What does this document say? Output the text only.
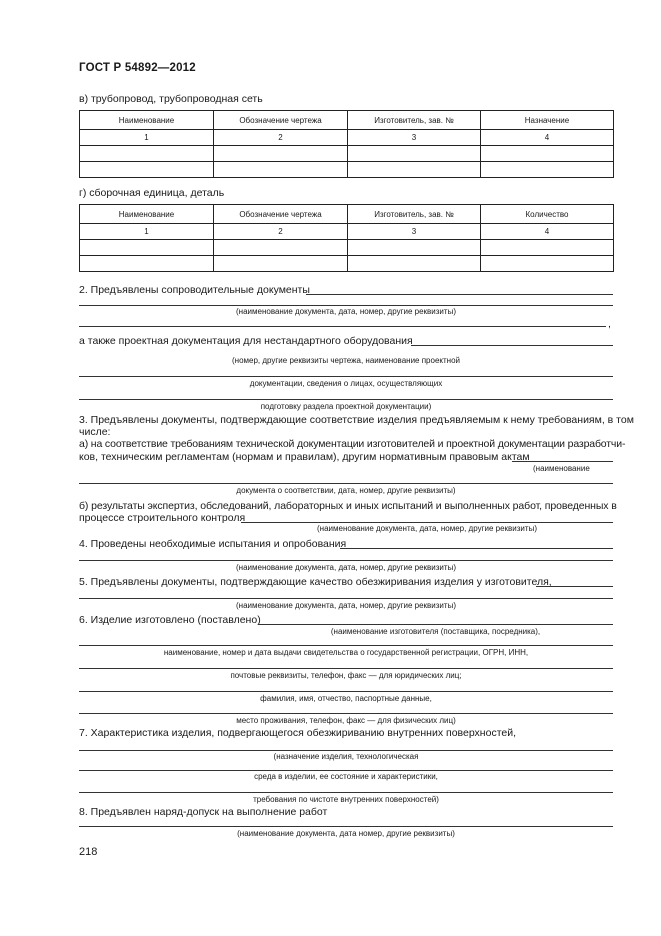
ГОСТ Р 54892—2012
в) трубопровод, трубопроводная сеть
Наименование	Обозначение чертежа	Изготовитель, зав. №	Назначение
1	2	3	4

г) сборочная единица, деталь
Наименование	Обозначение чертежа	Изготовитель, зав. №	Количество
1	2	3	4

2. Предъявлены сопроводительные документы
(наименование документа, дата, номер, другие реквизиты)
,
а также проектная документация для нестандартного оборудования
(номер, другие реквизиты чертежа, наименование проектной
документации, сведения о лицах, осуществляющих
подготовку раздела проектной документации)
3. Предъявлены документы, подтверждающие соответствие изделия предъявляемым к нему требованиям, в том
числе:
а) на соответствие требованиям технической документации изготовителей и проектной документации разработчи-
ков, техническим регламентам (нормам и правилам), другим нормативным правовым актам
(наименование
документа о соответствии, дата, номер, другие реквизиты)
б) результаты экспертиз, обследований, лабораторных и иных испытаний и выполненных работ, проведенных в
процессе строительного контроля
(наименование документа, дата, номер, другие реквизиты)
4. Проведены необходимые испытания и опробования
(наименование документа, дата, номер, другие реквизиты)
5. Предъявлены документы, подтверждающие качество обезжиривания изделия у изготовителя,
(наименование документа, дата, номер, другие реквизиты)
6. Изделие изготовлено (поставлено)
(наименование изготовителя (поставщика, посредника),
наименование, номер и дата выдачи свидетельства о государственной регистрации, ОГРН, ИНН,
почтовые реквизиты, телефон, факс — для юридических лиц;
фамилия, имя, отчество, паспортные данные,
место проживания, телефон, факс — для физических лиц)
7. Характеристика изделия, подвергающегося обезжириванию внутренних поверхностей,
(назначение изделия, технологическая
среда в изделии, ее состояние и характеристики,
требования по чистоте внутренних поверхностей)
8. Предъявлен наряд-допуск на выполнение работ
(наименование документа, дата номер, другие реквизиты)
218
